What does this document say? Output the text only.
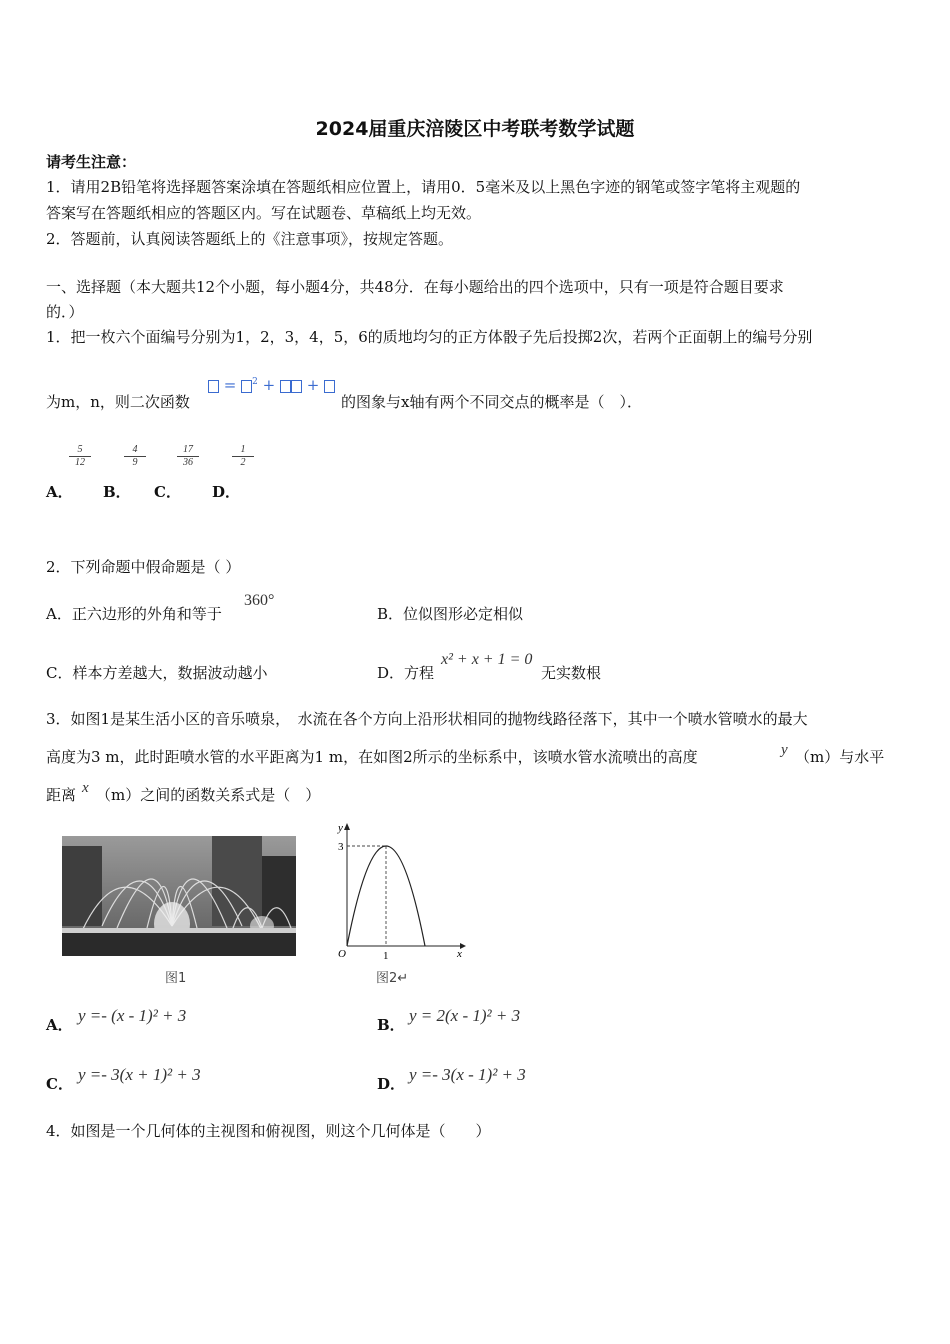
2024届重庆涪陵区中考联考数学试题
请考生注意：
1．请用2B铅笔将选择题答案涂填在答题纸相应位置上，请用0．5毫米及以上黑色字迹的钢笔或签字笔将主观题的
答案写在答题纸相应的答题区内。写在试题卷、草稿纸上均无效。
2．答题前，认真阅读答题纸上的《注意事项》，按规定答题。
一、选择题（本大题共12个小题，每小题4分，共48分．在每小题给出的四个选项中，只有一项是符合题目要求
的．）
1．把一枚六个面编号分别为1，2，3，4，5，6的质地均匀的正方体骰子先后投掷2次，若两个正面朝上的编号分别
为m，n，则二次函数
= $^2$ + +
的图象与x轴有两个不同交点的概率是（　）．
$\frac{5}{12}$	$\frac{4}{9}$	$\frac{17}{36}$	$\frac{1}{2}$
A． B． C． D．
2．下列命题中假命题是（ ）
A．正六边形的外角和等于
360°
B．位似图形必定相似
C．样本方差越大，数据波动越小	D．方程
x² + x + 1 = 0
无实数根
3．如图1是某生活小区的音乐喷泉，　水流在各个方向上沿形状相同的抛物线路径落下，其中一个喷水管喷水的最大
高度为3 m，此时距喷水管的水平距离为1 m，在如图2所示的坐标系中，该喷水管水流喷出的高度	y （m）与水平
距离 x （m）之间的函数关系式是（　）
图1
y
x
3
1
O
图2↵
A． y =- (x - 1)² + 3	B． y = 2(x - 1)² + 3
C． y =- 3(x + 1)² + 3	D． y =- 3(x - 1)² + 3
4．如图是一个几何体的主视图和俯视图，则这个几何体是（　　）
